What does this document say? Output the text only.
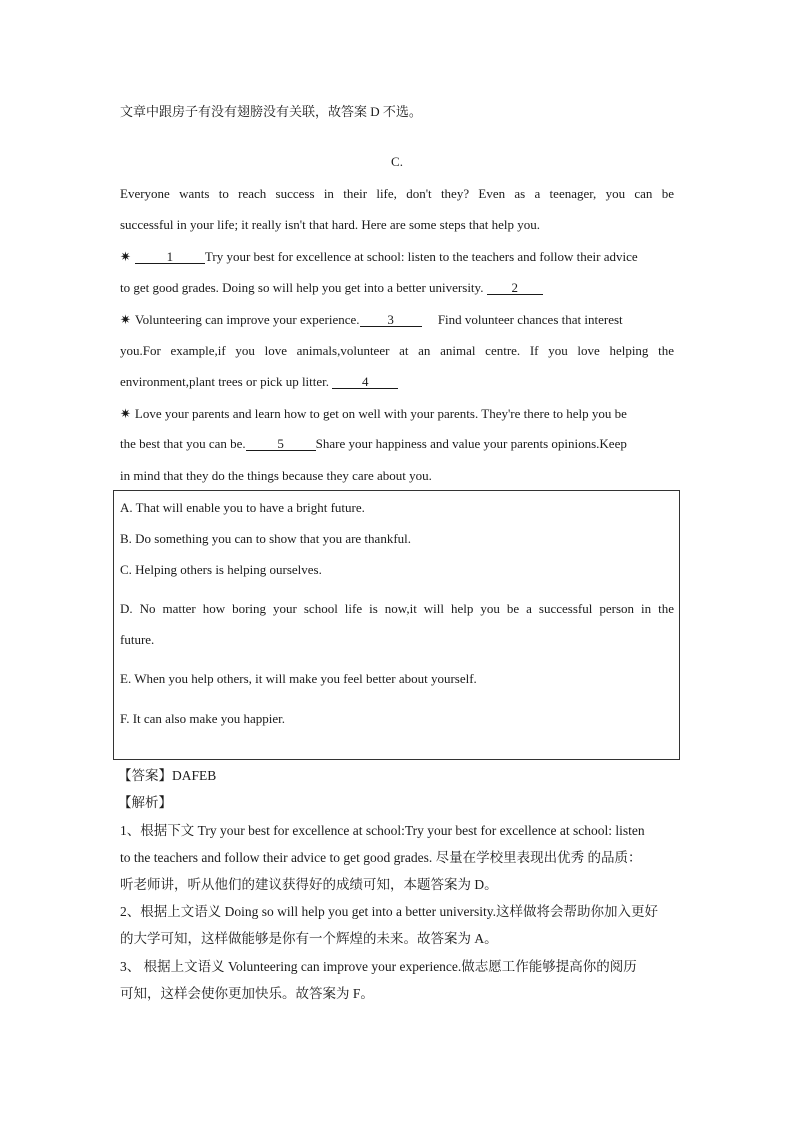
文章中跟房子有没有翅膀没有关联，故答案 D 不选。
C.
Everyone wants to reach success in their life, don't they? Even as a teenager, you can be
successful in your life; it really isn't that hard. Here are some steps that help you.
✷	1 Try your best for excellence at school: listen to the teachers and follow their advice
to get good grades. Doing so will help you get into a better university. 2
✷ Volunteering can improve your experience. 3	Find volunteer chances that interest
you.For example,if you love animals,volunteer at an animal centre. If you love helping the
environment,plant trees or pick up litter.	4
✷ Love your parents and learn how to get on well with your parents. They're there to help you be
the best that you can be. 5 Share your happiness and value your parents opinions.Keep
in mind that they do the things because they care about you.
A. That will enable you to have a bright future.
B. Do something you can to show that you are thankful.
C. Helping others is helping ourselves.
D. No matter how boring your school life is now,it will help you be a successful person in the
future.
E. When you help others, it will make you feel better about yourself.
F. It can also make you happier.
【答案】DAFEB
【解析】
1、根据下文 Try your best for excellence at school:Try your best for excellence at school: listen
to the teachers and follow their advice to get good grades. 尽量在学校里表现出优秀 的品质：
听老师讲，听从他们的建议获得好的成绩可知，本题答案为 D。
2、根据上文语义 Doing so will help you get into a better university.这样做将会帮助你加入更好
的大学可知，这样做能够是你有一个辉煌的未来。故答案为 A。
3、 根据上文语义 Volunteering can improve your experience.做志愿工作能够提高你的阅历
可知，这样会使你更加快乐。故答案为 F。
